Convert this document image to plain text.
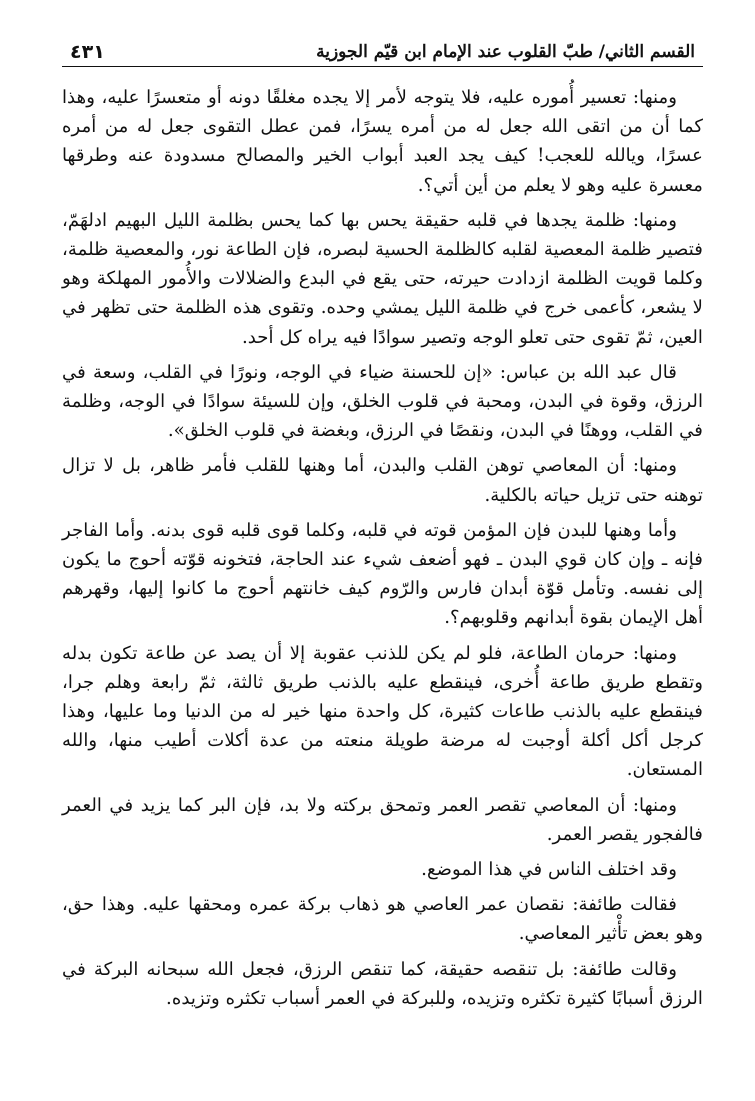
القسم الثاني/ طبّ القلوب عند الإمام ابن قيّم الجوزية
٤٣١

ومنها: تعسير أُموره عليه، فلا يتوجه لأمر إلا يجده مغلقًا دونه أو متعسرًا عليه، وهذا كما أن من اتقى الله جعل له من أمره يسرًا، فمن عطل التقوى جعل له من أمره عسرًا، ويالله للعجب! كيف يجد العبد أبواب الخير والمصالح مسدودة عنه وطرقها معسرة عليه وهو لا يعلم من أين أتي؟.

ومنها: ظلمة يجدها في قلبه حقيقة يحس بها كما يحس بظلمة الليل البهيم ادلهَمّ، فتصير ظلمة المعصية لقلبه كالظلمة الحسية لبصره، فإن الطاعة نور، والمعصية ظلمة، وكلما قويت الظلمة ازدادت حيرته، حتى يقع في البدع والضلالات والأُمور المهلكة وهو لا يشعر، كأعمى خرج في ظلمة الليل يمشي وحده. وتقوى هذه الظلمة حتى تظهر في العين، ثمّ تقوى حتى تعلو الوجه وتصير سوادًا فيه يراه كل أحد.

قال عبد الله بن عباس: «إن للحسنة ضياء في الوجه، ونورًا في القلب، وسعة في الرزق، وقوة في البدن، ومحبة في قلوب الخلق، وإن للسيئة سوادًا في الوجه، وظلمة في القلب، ووهنًا في البدن، ونقصًا في الرزق، وبغضة في قلوب الخلق».

ومنها: أن المعاصي توهن القلب والبدن، أما وهنها للقلب فأمر ظاهر، بل لا تزال توهنه حتى تزيل حياته بالكلية.

وأما وهنها للبدن فإن المؤمن قوته في قلبه، وكلما قوى قلبه قوى بدنه. وأما الفاجر فإنه ـ وإن كان قوي البدن ـ فهو أضعف شيء عند الحاجة، فتخونه قوّته أحوج ما يكون إلى نفسه. وتأمل قوّة أبدان فارس والرّوم كيف خانتهم أحوج ما كانوا إليها، وقهرهم أهل الإيمان بقوة أبدانهم وقلوبهم؟.

ومنها: حرمان الطاعة، فلو لم يكن للذنب عقوبة إلا أن يصد عن طاعة تكون بدله وتقطع طريق طاعة أُخرى، فينقطع عليه بالذنب طريق ثالثة، ثمّ رابعة وهلم جرا، فينقطع عليه بالذنب طاعات كثيرة، كل واحدة منها خير له من الدنيا وما عليها، وهذا كرجل أكل أكلة أوجبت له مرضة طويلة منعته من عدة أكلات أطيب منها، والله المستعان.

ومنها: أن المعاصي تقصر العمر وتمحق بركته ولا بد، فإن البر كما يزيد في العمر فالفجور يقصر العمر.

وقد اختلف الناس في هذا الموضع.

فقالت طائفة: نقصان عمر العاصي هو ذهاب بركة عمره ومحقها عليه. وهذا حق، وهو بعض تأْثير المعاصي.

وقالت طائفة: بل تنقصه حقيقة، كما تنقص الرزق، فجعل الله سبحانه البركة في الرزق أسبابًا كثيرة تكثره وتزيده، وللبركة في العمر أسباب تكثره وتزيده.
